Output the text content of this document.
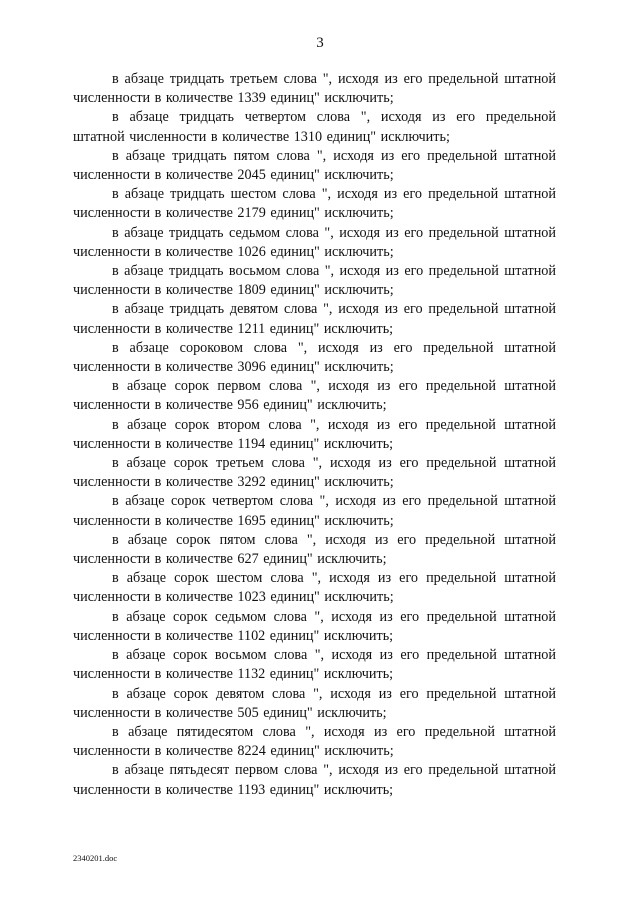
3

в абзаце тридцать третьем слова ", исходя из его предельной штатной численности в количестве 1339 единиц" исключить;

в абзаце тридцать четвертом слова ", исходя из его предельной штатной численности в количестве 1310 единиц" исключить;

в абзаце тридцать пятом слова ", исходя из его предельной штатной численности в количестве 2045 единиц" исключить;

в абзаце тридцать шестом слова ", исходя из его предельной штатной численности в количестве 2179 единиц" исключить;

в абзаце тридцать седьмом слова ", исходя из его предельной штатной численности в количестве 1026 единиц" исключить;

в абзаце тридцать восьмом слова ", исходя из его предельной штатной численности в количестве 1809 единиц" исключить;

в абзаце тридцать девятом слова ", исходя из его предельной штатной численности в количестве 1211 единиц" исключить;

в абзаце сороковом слова ", исходя из его предельной штатной численности в количестве 3096 единиц" исключить;

в абзаце сорок первом слова ", исходя из его предельной штатной численности в количестве 956 единиц" исключить;

в абзаце сорок втором слова ", исходя из его предельной штатной численности в количестве 1194 единиц" исключить;

в абзаце сорок третьем слова ", исходя из его предельной штатной численности в количестве 3292 единиц" исключить;

в абзаце сорок четвертом слова ", исходя из его предельной штатной численности в количестве 1695 единиц" исключить;

в абзаце сорок пятом слова ", исходя из его предельной штатной численности в количестве 627 единиц" исключить;

в абзаце сорок шестом слова ", исходя из его предельной штатной численности в количестве 1023 единиц" исключить;

в абзаце сорок седьмом слова ", исходя из его предельной штатной численности в количестве 1102 единиц" исключить;

в абзаце сорок восьмом слова ", исходя из его предельной штатной численности в количестве 1132 единиц" исключить;

в абзаце сорок девятом слова ", исходя из его предельной штатной численности в количестве 505 единиц" исключить;

в абзаце пятидесятом слова ", исходя из его предельной штатной численности в количестве 8224 единиц" исключить;

в абзаце пятьдесят первом слова ", исходя из его предельной штатной численности в количестве 1193 единиц" исключить;

2340201.doc
